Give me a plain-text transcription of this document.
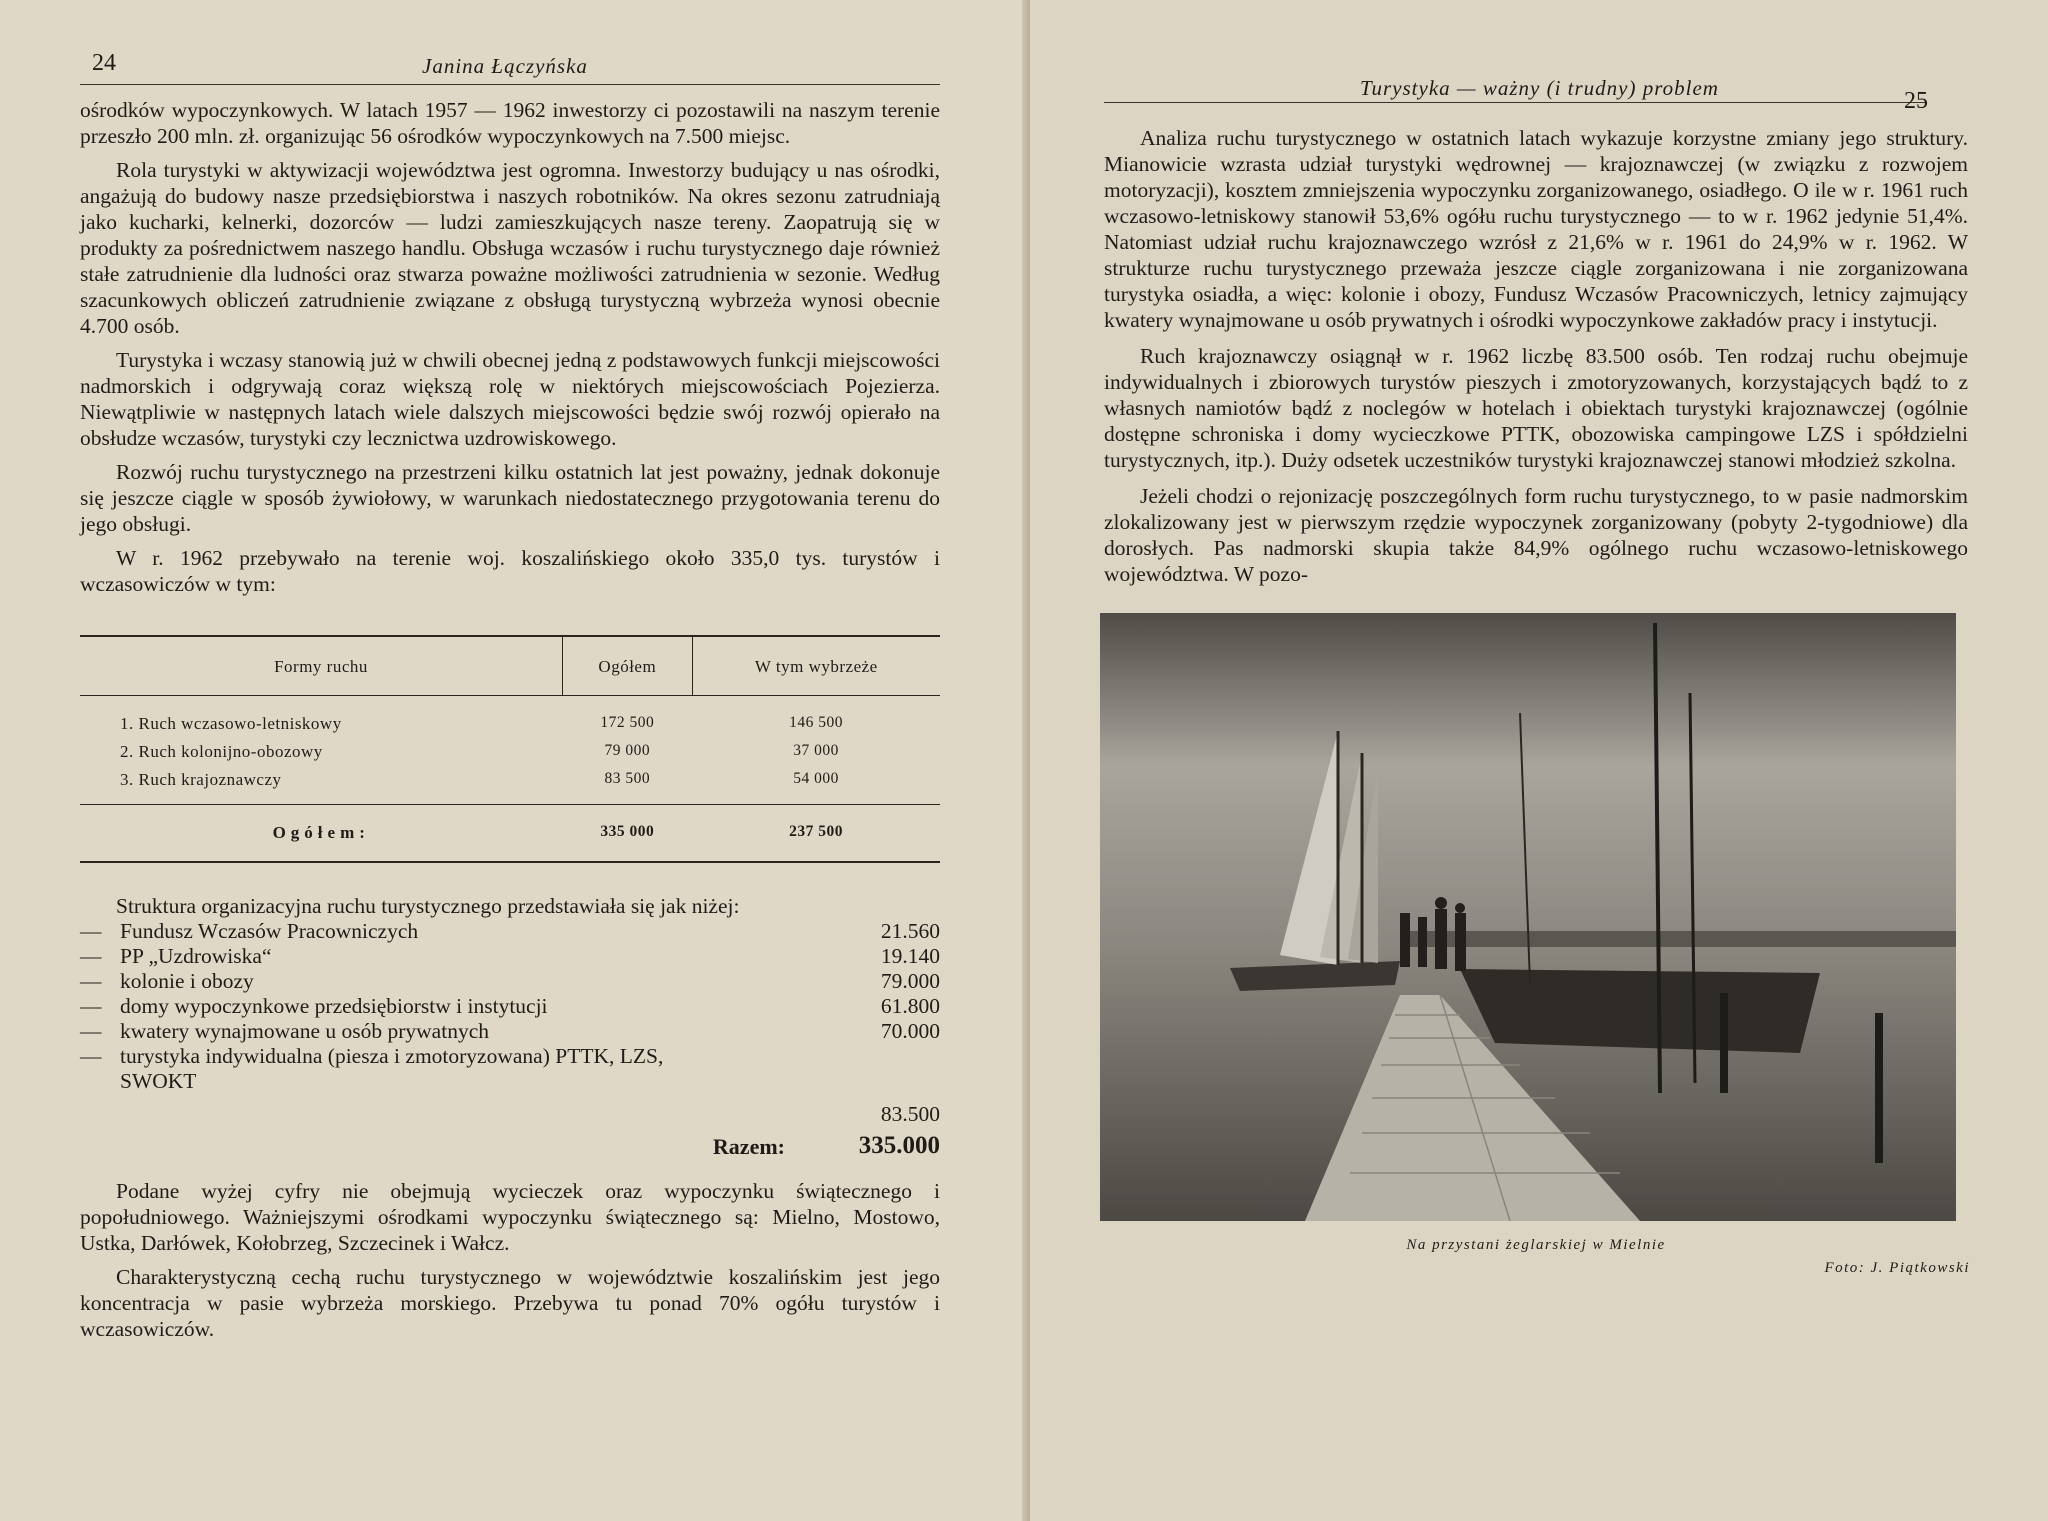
24	Janina Łączyńska

ośrodków wypoczynkowych. W latach 1957 — 1962 inwestorzy ci pozostawili na naszym terenie przeszło 200 mln. zł. organizując 56 ośrodków wypoczynkowych na 7.500 miejsc.

Rola turystyki w aktywizacji województwa jest ogromna. Inwestorzy budujący u nas ośrodki, angażują do budowy nasze przedsiębiorstwa i naszych robotników. Na okres sezonu zatrudniają jako kucharki, kelnerki, dozorców — ludzi zamieszkujących nasze tereny. Zaopatrują się w produkty za pośrednictwem naszego handlu. Obsługa wczasów i ruchu turystycznego daje również stałe zatrudnienie dla ludności oraz stwarza poważne możliwości zatrudnienia w sezonie. Według szacunkowych obliczeń zatrudnienie związane z obsługą turystyczną wybrzeża wynosi obecnie 4.700 osób.

Turystyka i wczasy stanowią już w chwili obecnej jedną z podstawowych funkcji miejscowości nadmorskich i odgrywają coraz większą rolę w niektórych miejscowościach Pojezierza. Niewątpliwie w następnych latach wiele dalszych miejscowości będzie swój rozwój opierało na obsłudze wczasów, turystyki czy lecznictwa uzdrowiskowego.

Rozwój ruchu turystycznego na przestrzeni kilku ostatnich lat jest poważny, jednak dokonuje się jeszcze ciągle w sposób żywiołowy, w warunkach niedostatecznego przygotowania terenu do jego obsługi.

W r. 1962 przebywało na terenie woj. koszalińskiego około 335,0 tys. turystów i wczasowiczów w tym:

Formy ruchu	Ogółem	W tym wybrzeże
1. Ruch wczasowo-letniskowy	172 500	146 500
2. Ruch kolonijno-obozowy	79 000	37 000
3. Ruch krajoznawczy	83 500	54 000
Ogółem:	335 000	237 500
Struktura organizacyjna ruchu turystycznego przedstawiała się jak niżej:
— Fundusz Wczasów Pracowniczych	21.560
— PP „Uzdrowiska“	19.140
— kolonie i obozy	79.000
— domy wypoczynkowe przedsiębiorstw i instytucji	61.800
— kwatery wynajmowane u osób prywatnych	70.000
— turystyka indywidualna (piesza i zmotoryzowana) PTTK, LZS, SWOKT
83.500
Razem:	335.000

Podane wyżej cyfry nie obejmują wycieczek oraz wypoczynku świątecznego i popołudniowego. Ważniejszymi ośrodkami wypoczynku świątecznego są: Mielno, Mostowo, Ustka, Darłówek, Kołobrzeg, Szczecinek i Wałcz.

Charakterystyczną cechą ruchu turystycznego w województwie koszalińskim jest jego koncentracja w pasie wybrzeża morskiego. Przebywa tu ponad 70% ogółu turystów i wczasowiczów.

Turystyka — ważny (i trudny) problem	25

Analiza ruchu turystycznego w ostatnich latach wykazuje korzystne zmiany jego struktury. Mianowicie wzrasta udział turystyki wędrownej — krajoznawczej (w związku z rozwojem motoryzacji), kosztem zmniejszenia wypoczynku zorganizowanego, osiadłego. O ile w r. 1961 ruch wczasowo-letniskowy stanowił 53,6% ogółu ruchu turystycznego — to w r. 1962 jedynie 51,4%. Natomiast udział ruchu krajoznawczego wzrósł z 21,6% w r. 1961 do 24,9% w r. 1962. W strukturze ruchu turystycznego przeważa jeszcze ciągle zorganizowana i nie zorganizowana turystyka osiadła, a więc: kolonie i obozy, Fundusz Wczasów Pracowniczych, letnicy zajmujący kwatery wynajmowane u osób prywatnych i ośrodki wypoczynkowe zakładów pracy i instytucji.

Ruch krajoznawczy osiągnął w r. 1962 liczbę 83.500 osób. Ten rodzaj ruchu obejmuje indywidualnych i zbiorowych turystów pieszych i zmotoryzowanych, korzystających bądź to z własnych namiotów bądź z noclegów w hotelach i obiektach turystyki krajoznawczej (ogólnie dostępne schroniska i domy wycieczkowe PTTK, obozowiska campingowe LZS i spółdzielni turystycznych, itp.). Duży odsetek uczestników turystyki krajoznawczej stanowi młodzież szkolna.

Jeżeli chodzi o rejonizację poszczególnych form ruchu turystycznego, to w pasie nadmorskim zlokalizowany jest w pierwszym rzędzie wypoczynek zorganizowany (pobyty 2-tygodniowe) dla dorosłych. Pas nadmorski skupia także 84,9% ogólnego ruchu wczasowo-letniskowego województwa. W pozo-

Na przystani żeglarskiej w Mielnie
Foto: J. Piątkowski
